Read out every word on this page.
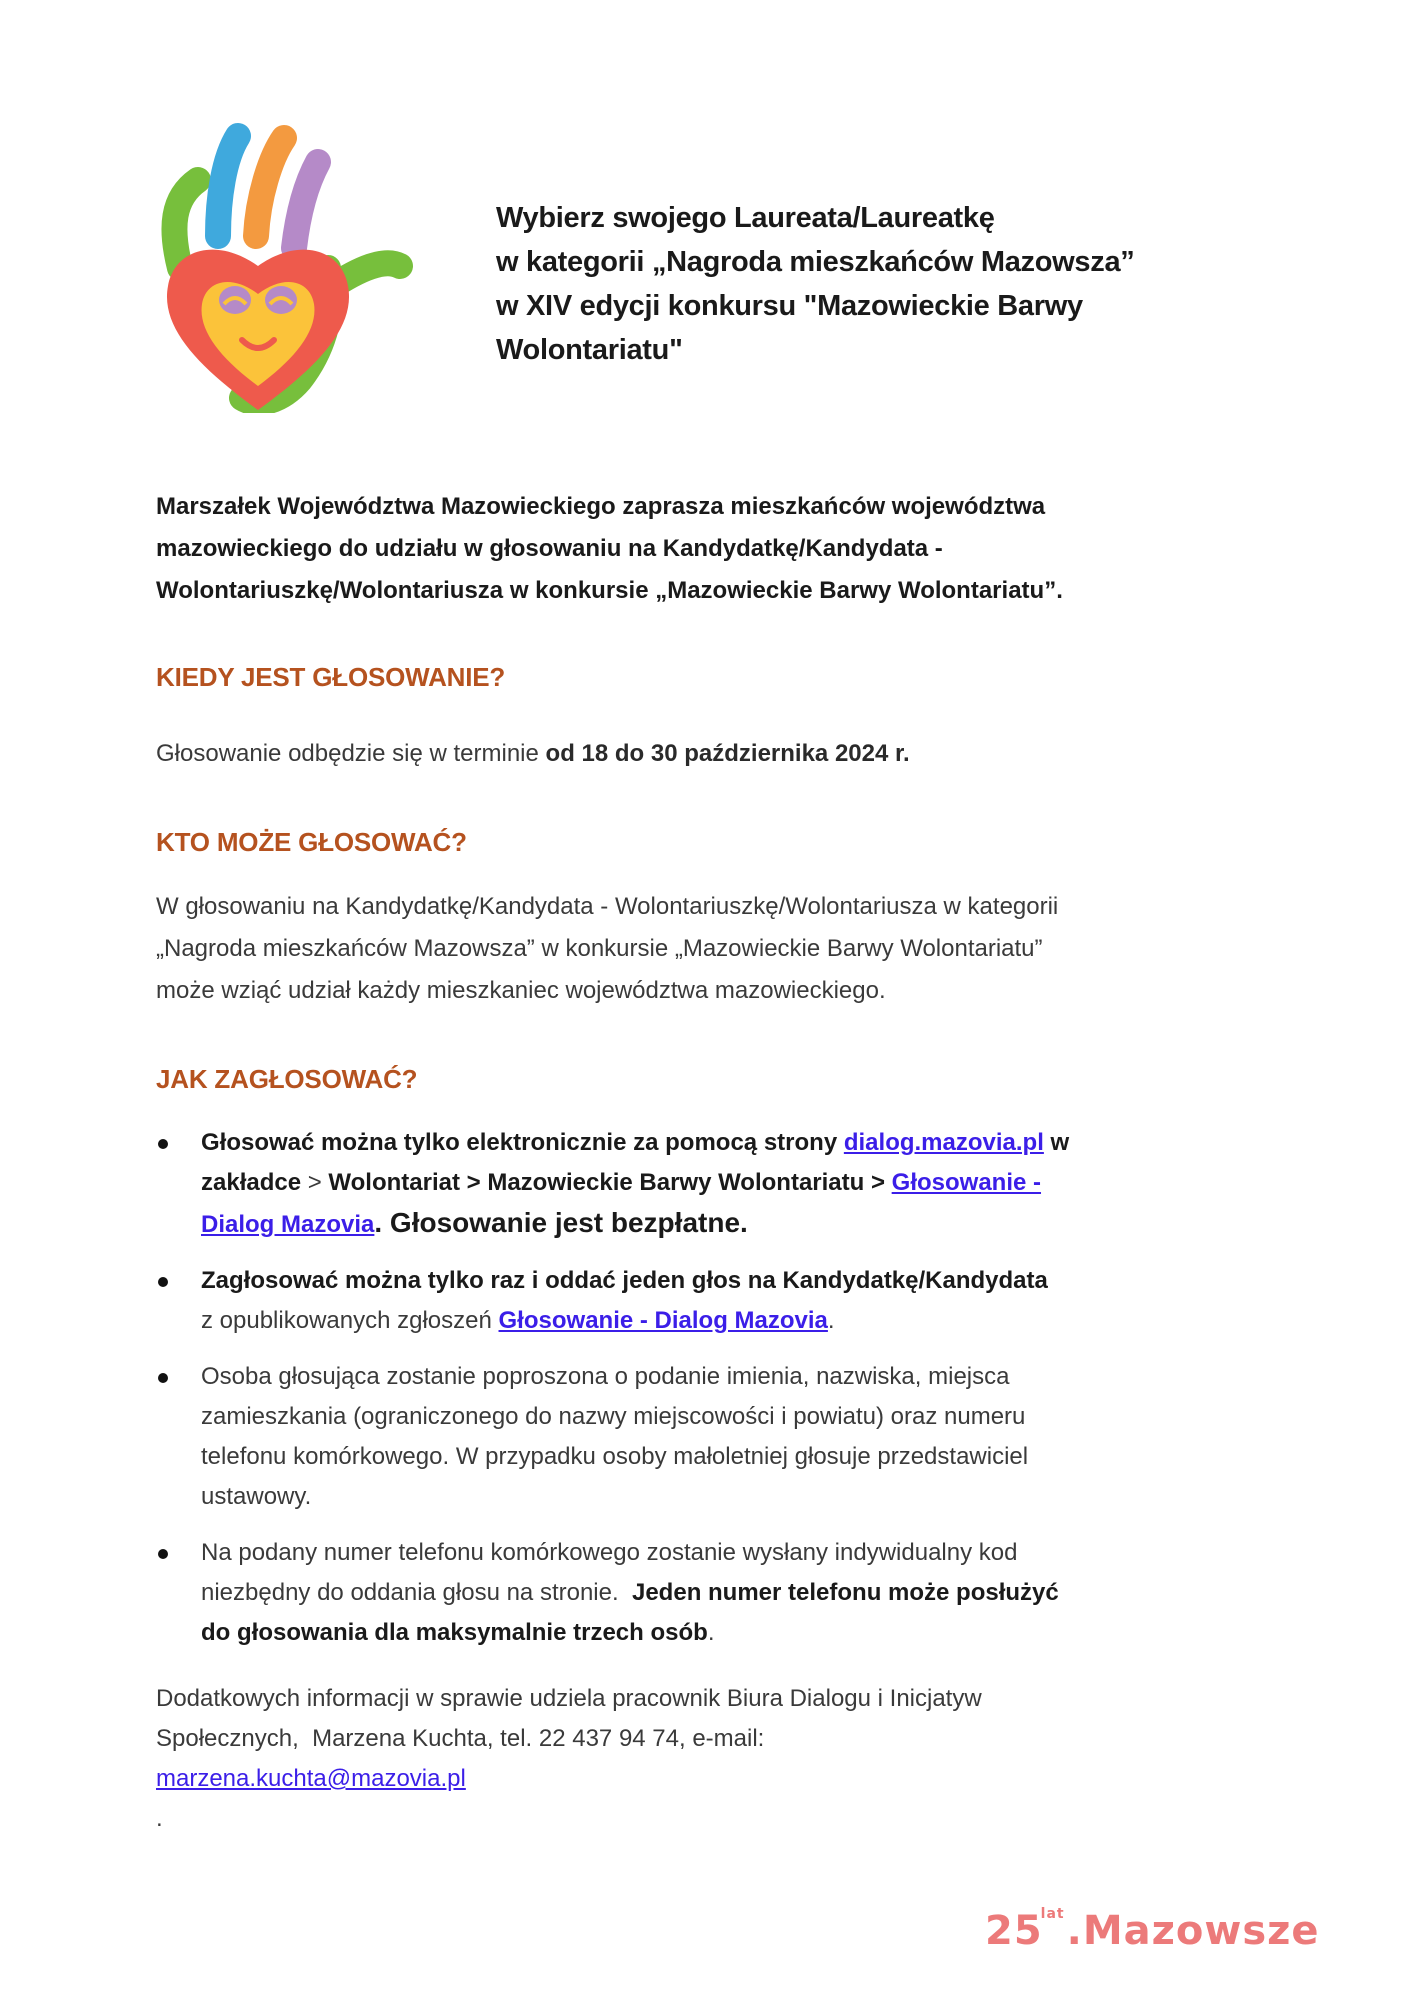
Wybierz swojego Laureata/Laureatkę
w kategorii „Nagroda mieszkańców Mazowsza”
w XIV edycji konkursu "Mazowieckie Barwy
Wolontariatu"

Marszałek Województwa Mazowieckiego zaprasza mieszkańców województwa
mazowieckiego do udziału w głosowaniu na Kandydatkę/Kandydata -
Wolontariuszkę/Wolontariusza w konkursie „Mazowieckie Barwy Wolontariatu”.

KIEDY JEST GŁOSOWANIE?

Głosowanie odbędzie się w terminie od 18 do 30 października 2024 r.

KTO MOŻE GŁOSOWAĆ?

W głosowaniu na Kandydatkę/Kandydata - Wolontariuszkę/Wolontariusza w kategorii
„Nagroda mieszkańców Mazowsza” w konkursie „Mazowieckie Barwy Wolontariatu”
może wziąć udział każdy mieszkaniec województwa mazowieckiego.

JAK ZAGŁOSOWAĆ?
Głosować można tylko elektronicznie za pomocą strony dialog.mazovia.pl w
zakładce > Wolontariat > Mazowieckie Barwy Wolontariatu > Głosowanie -
Dialog Mazovia. Głosowanie jest bezpłatne.
Zagłosować można tylko raz i oddać jeden głos na Kandydatkę/Kandydata
z opublikowanych zgłoszeń Głosowanie - Dialog Mazovia.
Osoba głosująca zostanie poproszona o podanie imienia, nazwiska, miejsca
zamieszkania (ograniczonego do nazwy miejscowości i powiatu) oraz numeru
telefonu komórkowego. W przypadku osoby małoletniej głosuje przedstawiciel
ustawowy.
Na podany numer telefonu komórkowego zostanie wysłany indywidualny kod
niezbędny do oddania głosu na stronie.  Jeden numer telefonu może posłużyć
do głosowania dla maksymalnie trzech osób.

Dodatkowych informacji w sprawie udziela pracownik Biura Dialogu i Inicjatyw
Społecznych,  Marzena Kuchta, tel. 22 437 94 74, e-mail:
marzena.kuchta@mazovia.pl
.

$25^{lat}.Mazowsze$
